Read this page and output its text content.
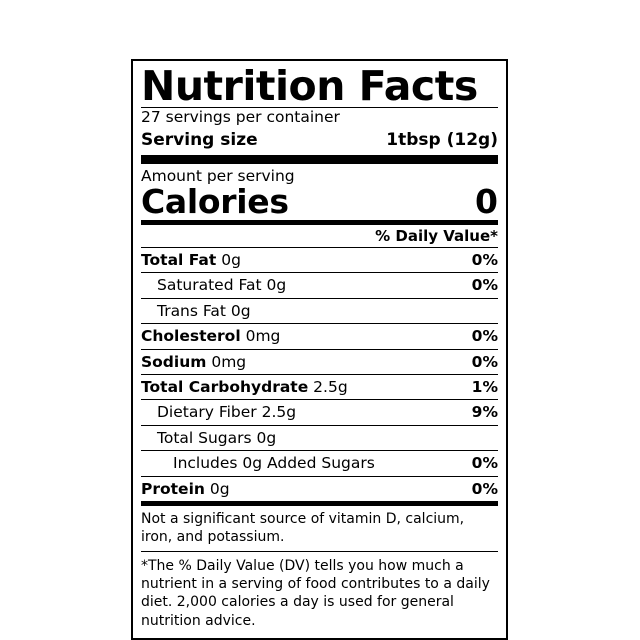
Nutrition Facts
27 servings per container
Serving size	1tbsp (12g)
Amount per serving
Calories	0
% Daily Value*
Total Fat 0g	0%
Saturated Fat 0g	0%
Trans Fat 0g
Cholesterol 0mg	0%
Sodium 0mg	0%
Total Carbohydrate 2.5g	1%
Dietary Fiber 2.5g	9%
Total Sugars 0g
Includes 0g Added Sugars	0%
Protein 0g	0%
Not a significant source of vitamin D, calcium, iron, and potassium.
*The % Daily Value (DV) tells you how much a nutrient in a serving of food contributes to a daily diet. 2,000 calories a day is used for general nutrition advice.
